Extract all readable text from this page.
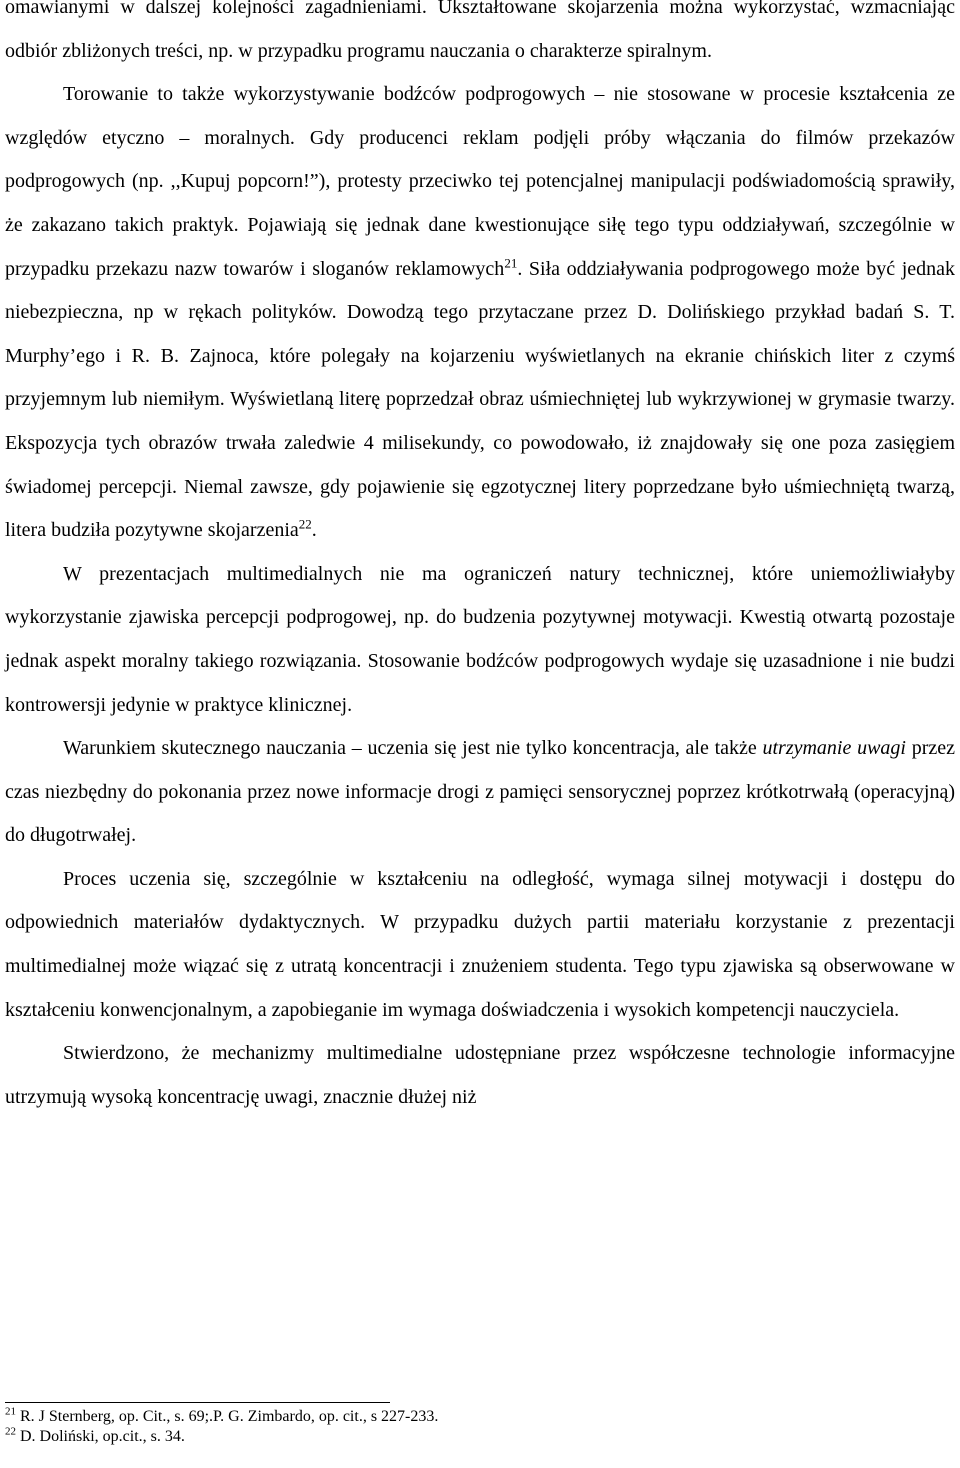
omawianymi w dalszej kolejności zagadnieniami. Ukształtowane skojarzenia można wykorzystać, wzmacniając odbiór zbliżonych treści, np. w przypadku programu nauczania o charakterze spiralnym.

Torowanie to także wykorzystywanie bodźców podprogowych – nie stosowane w procesie kształcenia ze względów etyczno – moralnych. Gdy producenci reklam podjęli próby włączania do filmów przekazów podprogowych (np. ,,Kupuj popcorn!”), protesty przeciwko tej potencjalnej manipulacji podświadomością sprawiły, że zakazano takich praktyk. Pojawiają się jednak dane kwestionujące siłę tego typu oddziaływań, szczególnie w przypadku przekazu nazw towarów i sloganów reklamowych$^{21}$. Siła oddziaływania podprogowego może być jednak niebezpieczna, np w rękach polityków. Dowodzą tego przytaczane przez D. Dolińskiego przykład badań S. T. Murphy’ego i R. B. Zajnoca, które polegały na kojarzeniu wyświetlanych na ekranie chińskich liter z czymś przyjemnym lub niemiłym. Wyświetlaną literę poprzedzał obraz uśmiechniętej lub wykrzywionej w grymasie twarzy. Ekspozycja tych obrazów trwała zaledwie 4 milisekundy, co powodowało, iż znajdowały się one poza zasięgiem świadomej percepcji. Niemal zawsze, gdy pojawienie się egzotycznej litery poprzedzane było uśmiechniętą twarzą, litera budziła pozytywne skojarzenia$^{22}$.

W prezentacjach multimedialnych nie ma ograniczeń natury technicznej, które uniemożliwiałyby wykorzystanie zjawiska percepcji podprogowej, np. do budzenia pozytywnej motywacji. Kwestią otwartą pozostaje jednak aspekt moralny takiego rozwiązania. Stosowanie bodźców podprogowych wydaje się uzasadnione i nie budzi kontrowersji jedynie w praktyce klinicznej.

Warunkiem skutecznego nauczania – uczenia się jest nie tylko koncentracja, ale także utrzymanie uwagi przez czas niezbędny do pokonania przez nowe informacje drogi z pamięci sensorycznej poprzez krótkotrwałą (operacyjną) do długotrwałej.

Proces uczenia się, szczególnie w kształceniu na odległość, wymaga silnej motywacji i dostępu do odpowiednich materiałów dydaktycznych. W przypadku dużych partii materiału korzystanie z prezentacji multimedialnej może wiązać się z utratą koncentracji i znużeniem studenta. Tego typu zjawiska są obserwowane w kształceniu konwencjonalnym, a zapobieganie im wymaga doświadczenia i wysokich kompetencji nauczyciela.

Stwierdzono, że mechanizmy multimedialne udostępniane przez współczesne technologie informacyjne utrzymują wysoką koncentrację uwagi, znacznie dłużej niż

$^{21}$ R. J Sternberg, op. Cit., s. 69;.P. G. Zimbardo, op. cit., s 227-233.

$^{22}$ D. Doliński, op.cit., s. 34.
